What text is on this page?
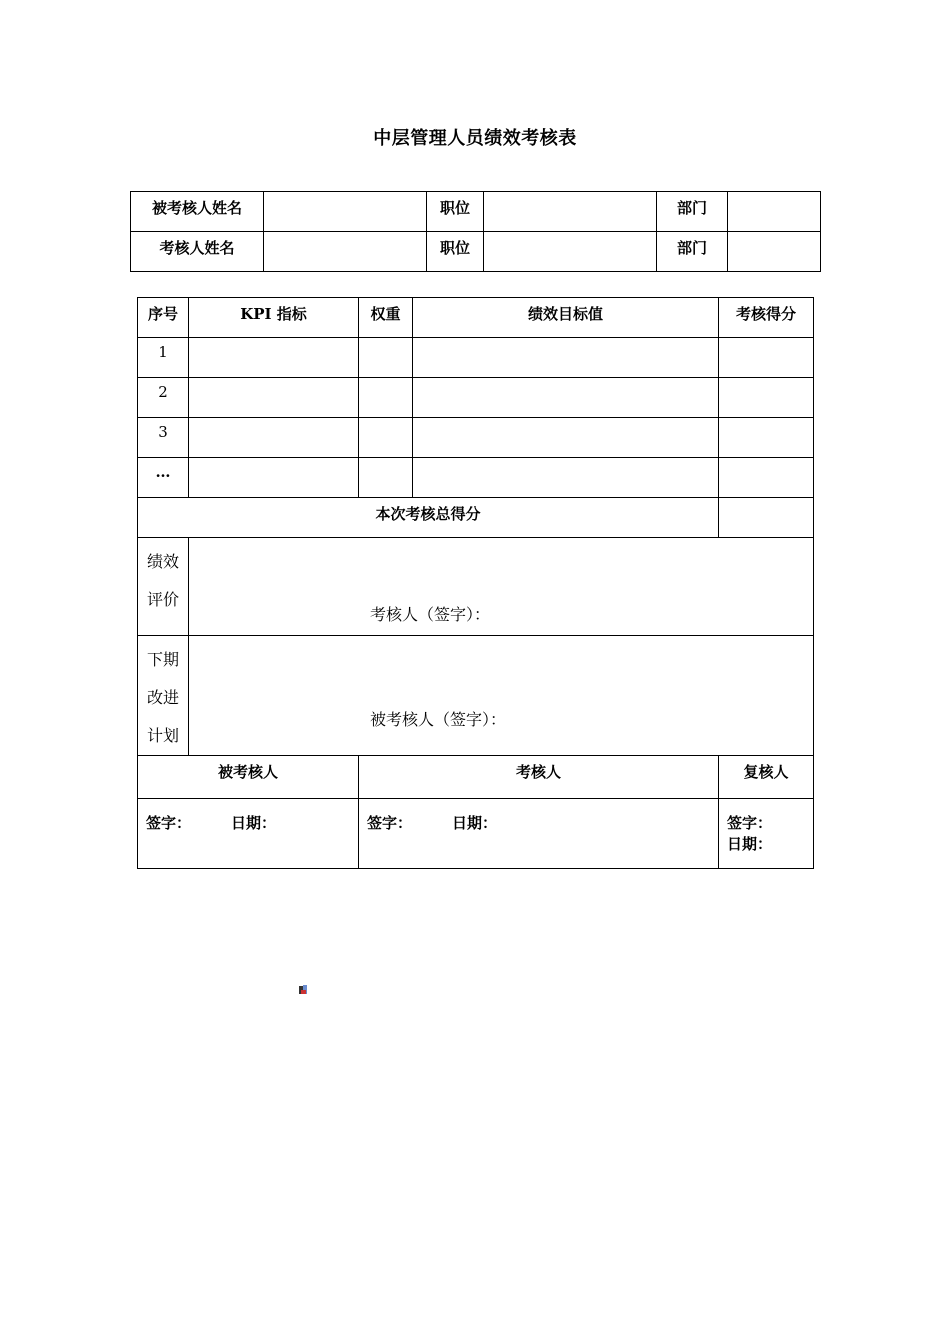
中层管理人员绩效考核表
被考核人姓名		职位		部门	
考核人姓名		职位		部门	
序号	KPI 指标	权重	绩效目标值	考核得分
1				
2				
3				
…				
本次考核总得分				

绩效
评价	考核人（签字）：			

下期
改进
计划	被考核人（签字）：			

被考核人		考核人		复核人
签字： 日期：		签字： 日期：		签字：日期：
